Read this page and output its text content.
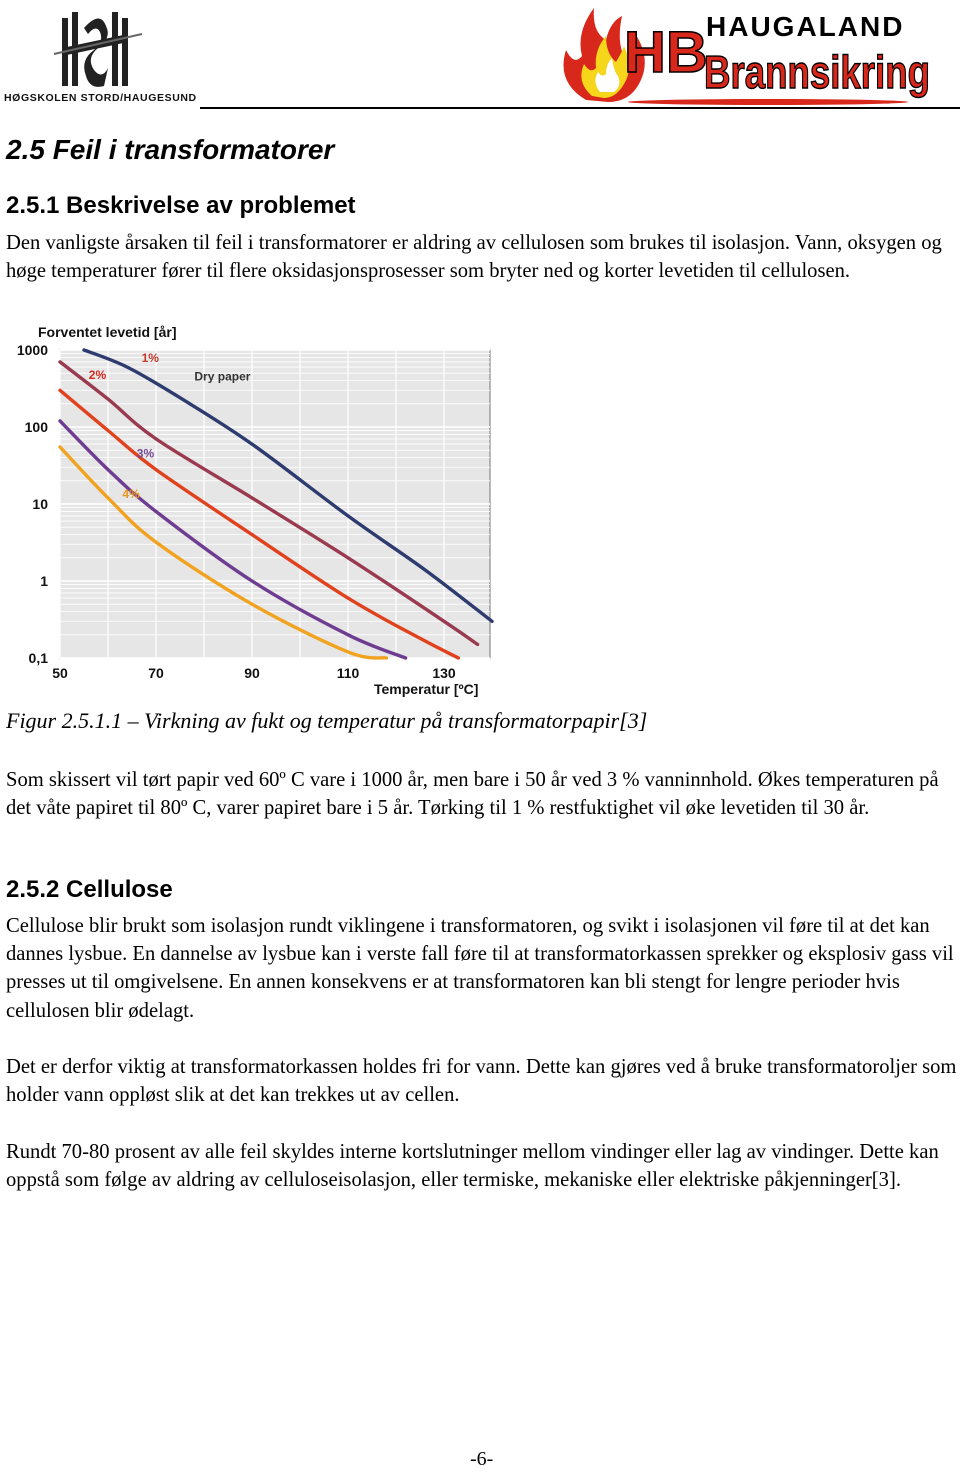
HØGSKOLEN STORD/HAUGESUND
HB
HAUGALAND
Brannsikring
2.5 Feil i transformatorer
2.5.1 Beskrivelse av problemet
Den vanligste årsaken til feil i transformatorer er aldring av cellulosen som brukes til isolasjon. Vann, oksygen og høge temperaturer fører til flere oksidasjonsprosesser som bryter ned og korter levetiden til cellulosen.
Dry paper
1%
2%
3%
4%
1000
100
10
1
0,1
50	70	90	110	130
Forventet levetid [år]
Temperatur [ºC]
Figur 2.5.1.1 – Virkning av fukt og temperatur på transformatorpapir[3]
Som skissert vil tørt papir ved 60º C vare i 1000 år, men bare i 50 år ved 3 % vanninnhold. Økes temperaturen på det våte papiret til 80º C, varer papiret bare i 5 år. Tørking til 1 % restfuktighet vil øke levetiden til 30 år.
2.5.2 Cellulose
Cellulose blir brukt som isolasjon rundt viklingene i transformatoren, og svikt i isolasjonen vil føre til at det kan dannes lysbue. En dannelse av lysbue kan i verste fall føre til at transformatorkassen sprekker og eksplosiv gass vil presses ut til omgivelsene. En annen konsekvens er at transformatoren kan bli stengt for lengre perioder hvis cellulosen blir ødelagt.
Det er derfor viktig at transformatorkassen holdes fri for vann. Dette kan gjøres ved å bruke transformatoroljer som holder vann oppløst slik at det kan trekkes ut av cellen.
Rundt 70-80 prosent av alle feil skyldes interne kortslutninger mellom vindinger eller lag av vindinger. Dette kan oppstå som følge av aldring av celluloseisolasjon, eller termiske, mekaniske eller elektriske påkjenninger[3].
-6-
